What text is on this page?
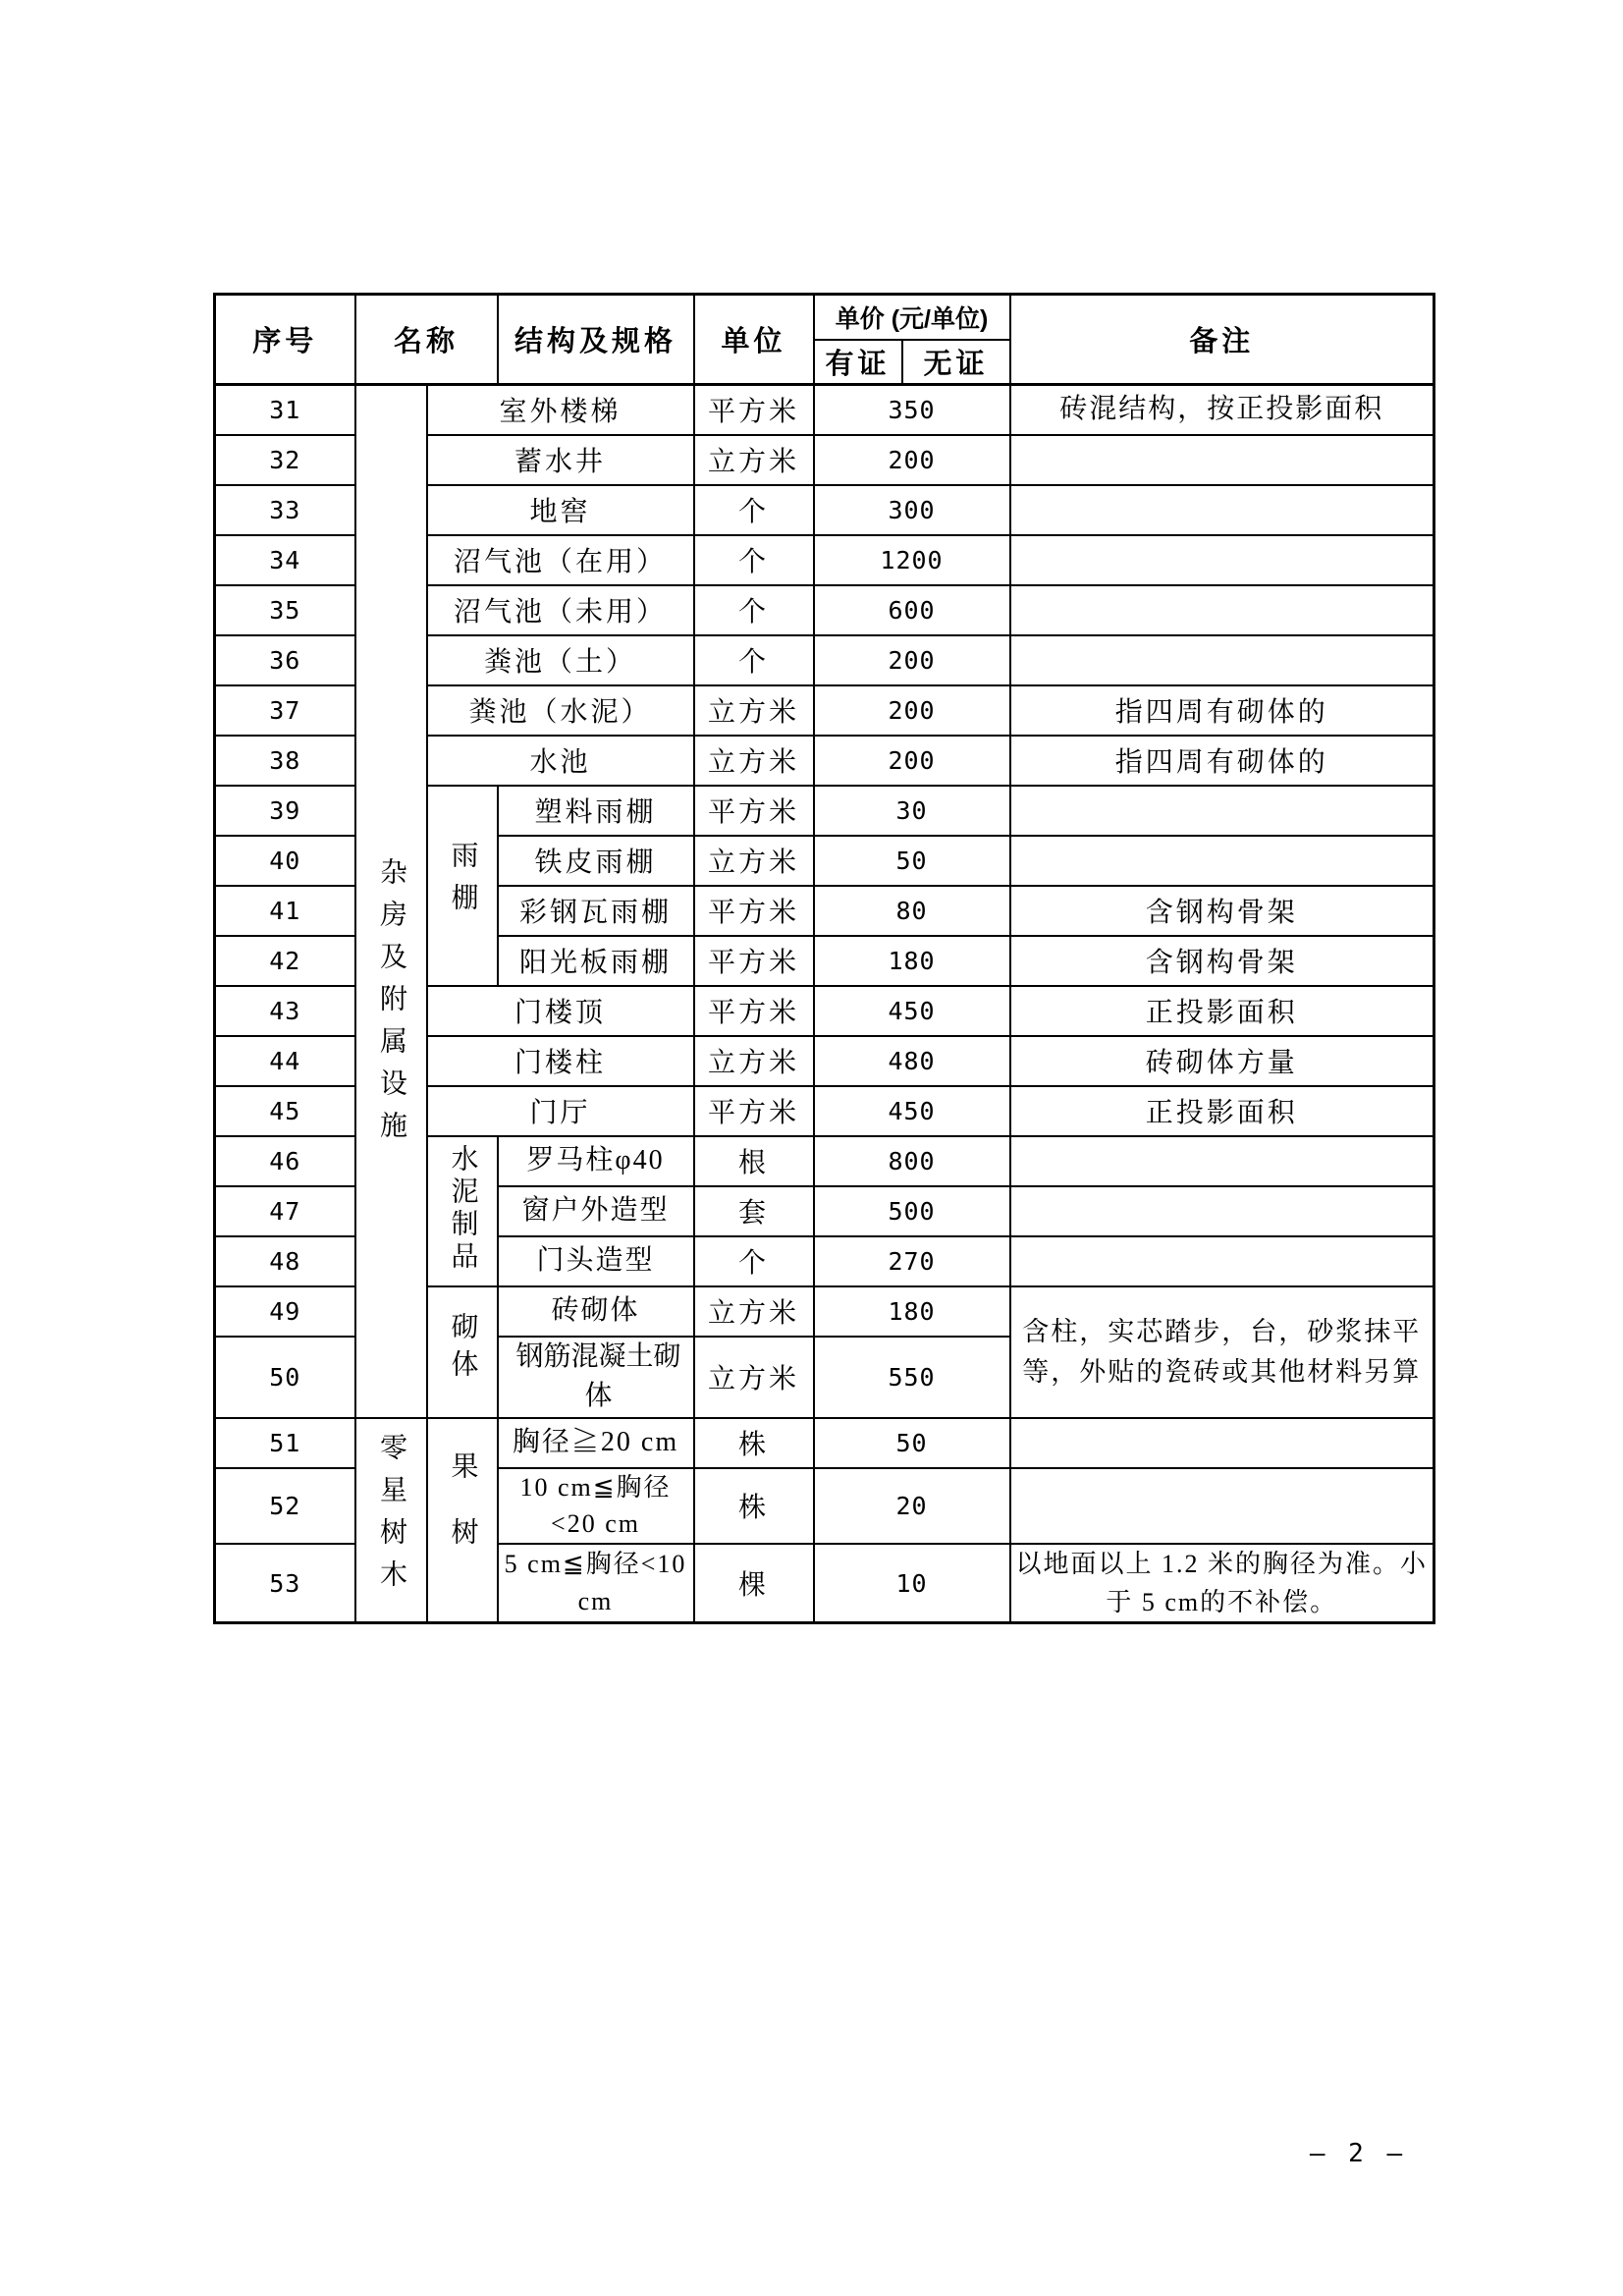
序号	名称		结构及规格	单位	单价 (元/单位)		备注
					有证	无证	
31	杂房及附属设施	室外楼梯		平方米	350		砖混结构，按正投影面积
32		蓄水井		立方米	200		
33		地窖		个	300		
34		沼气池（在用）		个	1200		
35		沼气池（未用）		个	600		
36		粪池（土）		个	200		
37		粪池（水泥）		立方米	200		指四周有砌体的
38		水池		立方米	200		指四周有砌体的
39		雨棚	塑料雨棚	平方米	30		
40			铁皮雨棚	立方米	50		
41			彩钢瓦雨棚	平方米	80		含钢构骨架
42			阳光板雨棚	平方米	180		含钢构骨架
43		门楼顶		平方米	450		正投影面积
44		门楼柱		立方米	480		砖砌体方量
45		门厅		平方米	450		正投影面积
46		水泥制品	罗马柱φ40	根	800		
47			窗户外造型	套	500		
48			门头造型	个	270		
49		砌体	砖砌体	立方米	180		含柱，实芯踏步，台，砂浆抹平等，外贴的瓷砖或其他材料另算
50			钢筋混凝土砌体	立方米	550		
51	零星树木	果树	胸径≧20 cm	株	50		
52			10 cm≦胸径<20 cm	株	20		
53			5 cm≦胸径<10 cm	棵	10		以地面以上 1.2 米的胸径为准。小于 5 cm的不补偿。
— 2 —
